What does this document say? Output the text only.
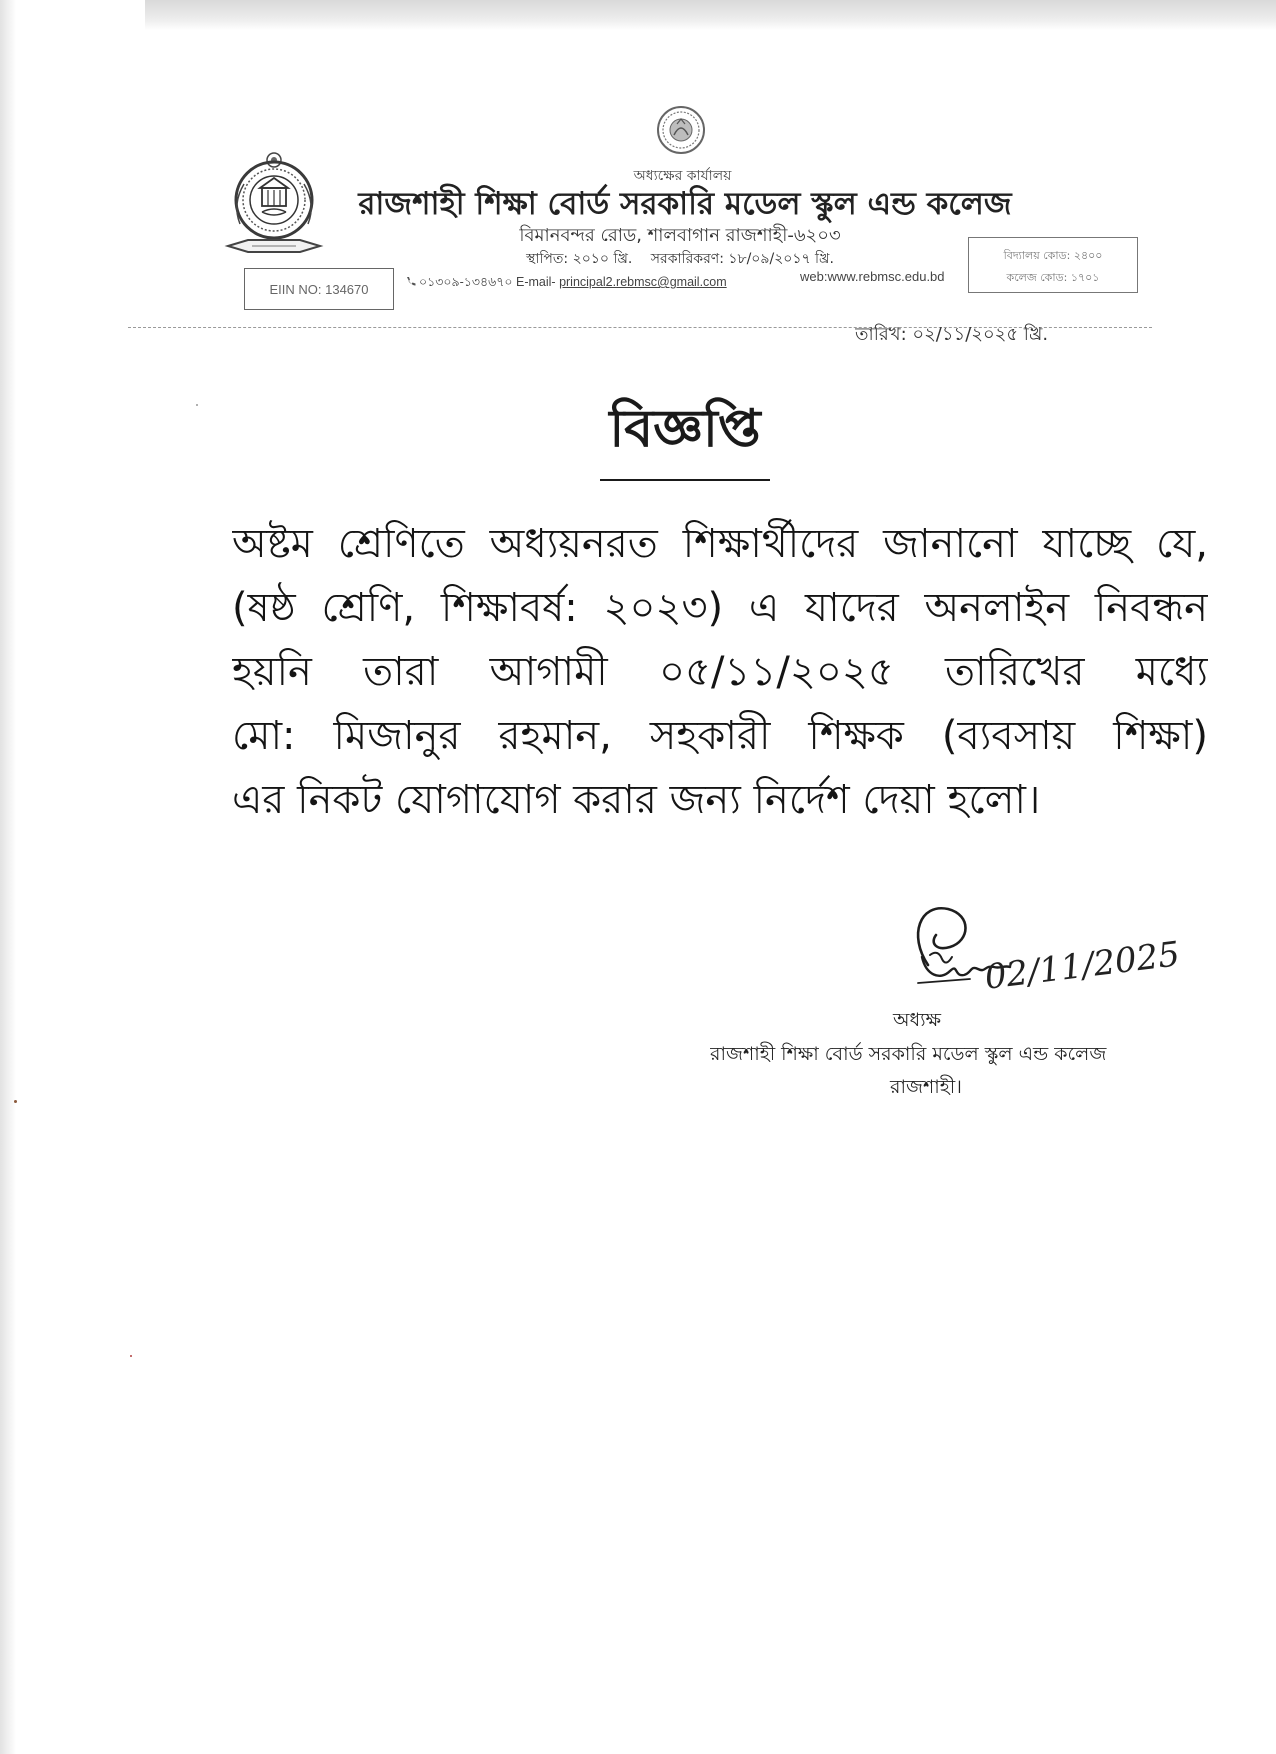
অধ্যক্ষের কার্যালয়
রাজশাহী শিক্ষা বোর্ড সরকারি মডেল স্কুল এন্ড কলেজ
বিমানবন্দর রোড, শালবাগান রাজশাহী-৬২০৩
স্থাপিত: ২০১০ খ্রি. সরকারিকরণ: ১৮/০৯/২০১৭ খ্রি.
EIIN NO: 134670	০১৩০৯-১৩৪৬৭০ E-mail- principal2.rebmsc@gmail.com	web:www.rebmsc.edu.bd
বিদ্যালয় কোড: ২৪০০
কলেজ কোড: ১৭০১
তারিখ: ০২/১১/২০২৫ খ্রি.
বিজ্ঞপ্তি
অষ্টম শ্রেণিতে অধ্যয়নরত শিক্ষার্থীদের জানানো যাচ্ছে যে,
(ষষ্ঠ শ্রেণি, শিক্ষাবর্ষ: ২০২৩) এ যাদের অনলাইন নিবন্ধন
হয়নি তারা আগামী ০৫/১১/২০২৫ তারিখের মধ্যে
মো: মিজানুর রহমান, সহকারী শিক্ষক (ব্যবসায় শিক্ষা)
এর নিকট যোগাযোগ করার জন্য নির্দেশ দেয়া হলো।
02/11/2025
অধ্যক্ষ
রাজশাহী শিক্ষা বোর্ড সরকারি মডেল স্কুল এন্ড কলেজ
রাজশাহী।
